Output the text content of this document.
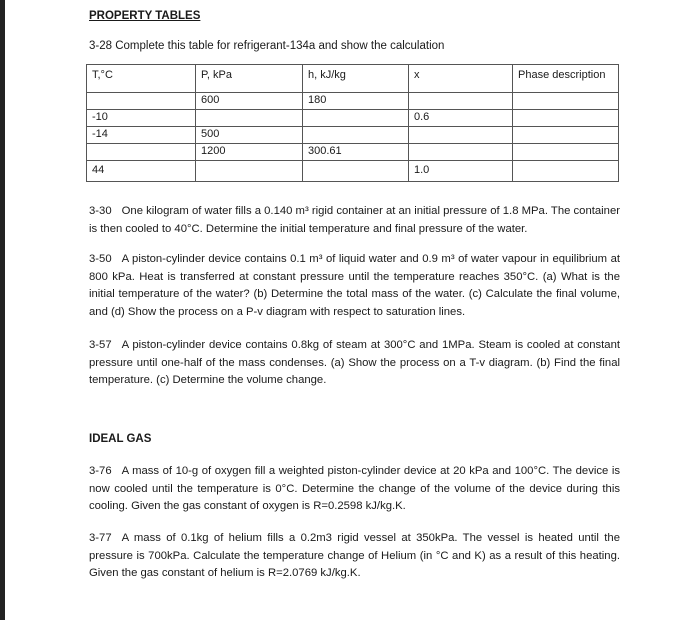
PROPERTY TABLES
3-28 Complete this table for refrigerant-134a and show the calculation
T,°C	P, kPa	h, kJ/kg	x	Phase description
	600	180		
-10			0.6	
-14	500			
	1200	300.61		
44			1.0	

3-30 One kilogram of water fills a 0.140 m³ rigid container at an initial pressure of 1.8 MPa. The container is then cooled to 40°C. Determine the initial temperature and final pressure of the water.

3-50 A piston-cylinder device contains 0.1 m³ of liquid water and 0.9 m³ of water vapour in equilibrium at 800 kPa. Heat is transferred at constant pressure until the temperature reaches 350°C. (a) What is the initial temperature of the water? (b) Determine the total mass of the water. (c) Calculate the final volume, and (d) Show the process on a P-v diagram with respect to saturation lines.

3-57 A piston-cylinder device contains 0.8kg of steam at 300°C and 1MPa. Steam is cooled at constant pressure until one-half of the mass condenses. (a) Show the process on a T-v diagram. (b) Find the final temperature. (c) Determine the volume change.

IDEAL GAS

3-76 A mass of 10-g of oxygen fill a weighted piston-cylinder device at 20 kPa and 100°C. The device is now cooled until the temperature is 0°C. Determine the change of the volume of the device during this cooling. Given the gas constant of oxygen is R=0.2598 kJ/kg.K.

3-77 A mass of 0.1kg of helium fills a 0.2m3 rigid vessel at 350kPa. The vessel is heated until the pressure is 700kPa. Calculate the temperature change of Helium (in °C and K) as a result of this heating. Given the gas constant of helium is R=2.0769 kJ/kg.K.
